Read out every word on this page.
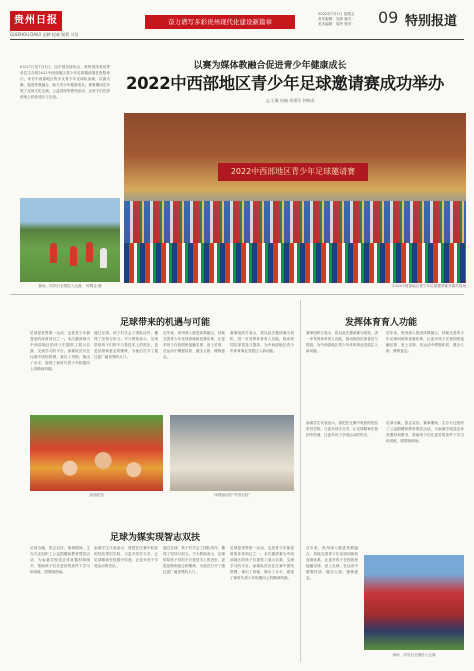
贵州日报
GUIZHOU DAILY 品牌 权威 锐利 可信
奋力谱写多彩贵州现代化建设新篇章
2022年7月1日 星期五
责任编辑：吴婷 版式：
美术编辑：周玲 校对：	09 特别报道
6月27日至7月1日，由中国足球协会、贵州省体育局等单位主办的2022中西部地区青少年足球邀请赛在贵阳举行。来自中西部地区的多支青少年足球队参赛，以赛为媒，促进体教融合，助力青少年健康成长。赛事期间还开展了足球文化交流、公益讲座等系列活动，让孩子们在绿茵场上收获成长与友谊。
以赛为媒体教融合促进青少年健康成长
2022中西部地区青少年足球邀请赛成功举办
文/王璐 何畅 胡勇军 钟陶金
2022中西部地区青少年足球邀请赛
赛场，同学们全情投入比赛。 钟陶金 摄	2022中西部地区青少年足球邀请赛开幕式现场
足球带来的机遇与可能	发挥体育育人功能
足球是世界第一运动，也是青少年最喜爱的体育项目之一。本次邀请赛为中西部地区的孩子们提供了展示自我、交流学习的平台。参赛队员们在比赛中团结拼搏，赛出了风格，赛出了水平，展现了新时代青少年积极向上的精神风貌。
通过足球，孩子们学会了团队协作，懂得了坚持与担当。不少教练表示，足球带给孩子们的不只是技术上的进步，更是品格和意志的锤炼，为他们打开了通往更广阔世界的大门。
近年来，贵州深入推进体教融合，持续完善青少年足球训练和竞赛体系，让更多孩子在校园里接触足球、爱上足球，在运动中增强体质、健全人格、锤炼意志。
赛事组织方表示，将以此次邀请赛为契机，进一步发挥体育育人功能，推动校园足球普及与提高，为中西部地区青少年体育事业发展注入新动能。
赛事组织方表示，将以此次邀请赛为契机，进一步发挥体育育人功能，推动校园足球普及与提高，为中西部地区青少年体育事业发展注入新动能。
近年来，贵州深入推进体教融合，持续完善青少年足球训练和竞赛体系，让更多孩子在校园里接触足球、爱上足球，在运动中增强体质、健全人格、锤炼意志。
加油鼓劲	体教融合的"中国大院"
参赛学生代表表示，将把在比赛中收获的经验带回学校，与更多同学分享，让足球精神在校园中传递，让更多孩子享受运动的快乐。
足球为媒，智志双扶。赛事期间，主办方还组织了公益捐赠和教育帮扶活动，为参赛学校送去体育器材和图书，帮助孩子们在更好的条件下学习和训练，圆梦绿茵场。
足球为媒实现智志双扶
足球为媒，智志双扶。赛事期间，主办方还组织了公益捐赠和教育帮扶活动，为参赛学校送去体育器材和图书，帮助孩子们在更好的条件下学习和训练，圆梦绿茵场。
参赛学生代表表示，将把在比赛中收获的经验带回学校，与更多同学分享，让足球精神在校园中传递，让更多孩子享受运动的快乐。
通过足球，孩子们学会了团队协作，懂得了坚持与担当。不少教练表示，足球带给孩子们的不只是技术上的进步，更是品格和意志的锤炼，为他们打开了通往更广阔世界的大门。
足球是世界第一运动，也是青少年最喜爱的体育项目之一。本次邀请赛为中西部地区的孩子们提供了展示自我、交流学习的平台。参赛队员们在比赛中团结拼搏，赛出了风格，赛出了水平，展现了新时代青少年积极向上的精神风貌。
近年来，贵州深入推进体教融合，持续完善青少年足球训练和竞赛体系，让更多孩子在校园里接触足球、爱上足球，在运动中增强体质、健全人格、锤炼意志。
赛场，同学们全情投入比赛
